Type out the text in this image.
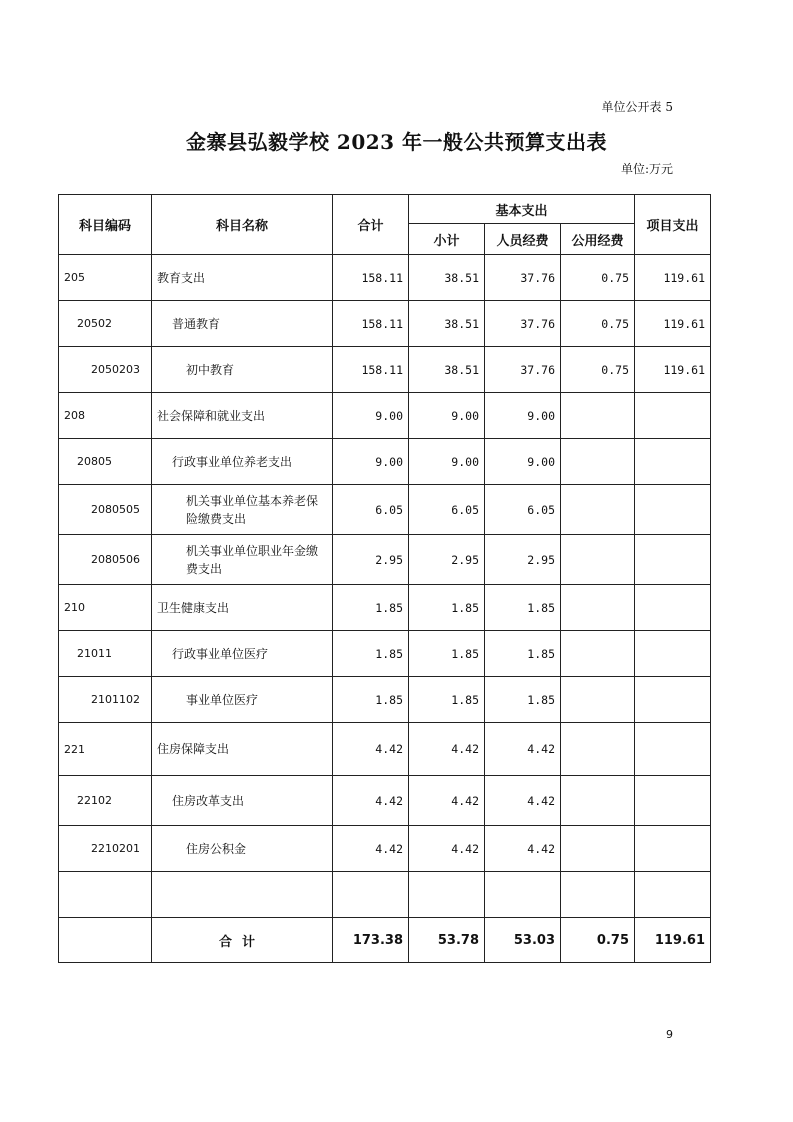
单位公开表 5
金寨县弘毅学校 2023 年一般公共预算支出表
单位:万元
科目编码	科目名称	合计	基本支出			项目支出
			小计	人员经费	公用经费	
205	教育支出	158.11	38.51	37.76	0.75	119.61
20502	普通教育	158.11	38.51	37.76	0.75	119.61
2050203	初中教育	158.11	38.51	37.76	0.75	119.61
208	社会保障和就业支出	9.00	9.00	9.00		
20805	行政事业单位养老支出	9.00	9.00	9.00		
2080505	机关事业单位基本养老保险缴费支出	6.05	6.05	6.05		
2080506	机关事业单位职业年金缴费支出	2.95	2.95	2.95		
210	卫生健康支出	1.85	1.85	1.85		
21011	行政事业单位医疗	1.85	1.85	1.85		
2101102	事业单位医疗	1.85	1.85	1.85		
221	住房保障支出	4.42	4.42	4.42		
22102	住房改革支出	4.42	4.42	4.42		
2210201	住房公积金	4.42	4.42	4.42		

	合计	173.38	53.78	53.03	0.75	119.61
9
